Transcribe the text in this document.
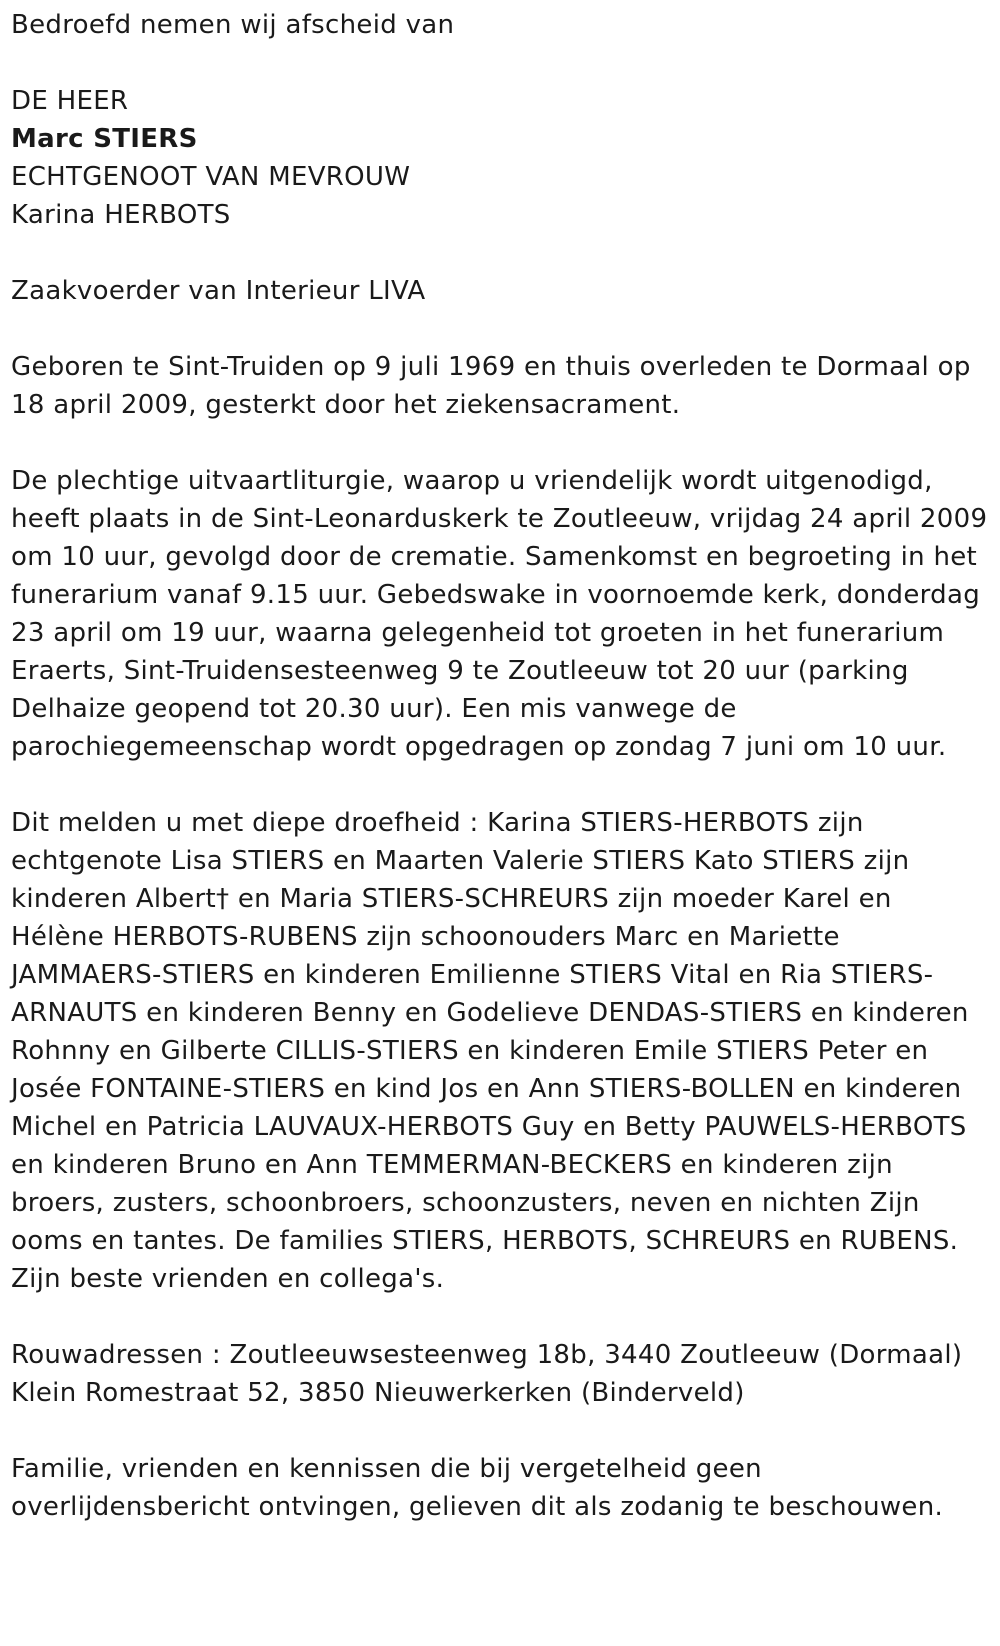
Bedroefd nemen wij afscheid van

DE HEER

Marc STIERS

ECHTGENOOT VAN MEVROUW

Karina HERBOTS

Zaakvoerder van Interieur LIVA

Geboren te Sint-Truiden op 9 juli 1969 en thuis overleden te Dormaal op

18 april 2009, gesterkt door het ziekensacrament.

De plechtige uitvaartliturgie, waarop u vriendelijk wordt uitgenodigd,

heeft plaats in de Sint-Leonarduskerk te Zoutleeuw, vrijdag 24 april 2009

om 10 uur, gevolgd door de crematie. Samenkomst en begroeting in het

funerarium vanaf 9.15 uur. Gebedswake in voornoemde kerk, donderdag

23 april om 19 uur, waarna gelegenheid tot groeten in het funerarium

Eraerts, Sint-Truidensesteenweg 9 te Zoutleeuw tot 20 uur (parking

Delhaize geopend tot 20.30 uur). Een mis vanwege de

parochiegemeenschap wordt opgedragen op zondag 7 juni om 10 uur.

Dit melden u met diepe droefheid : Karina STIERS-HERBOTS zijn

echtgenote Lisa STIERS en Maarten Valerie STIERS Kato STIERS zijn

kinderen Albert† en Maria STIERS-SCHREURS zijn moeder Karel en

Hélène HERBOTS-RUBENS zijn schoonouders Marc en Mariette

JAMMAERS-STIERS en kinderen Emilienne STIERS Vital en Ria STIERS-

ARNAUTS en kinderen Benny en Godelieve DENDAS-STIERS en kinderen

Rohnny en Gilberte CILLIS-STIERS en kinderen Emile STIERS Peter en

Josée FONTAINE-STIERS en kind Jos en Ann STIERS-BOLLEN en kinderen

Michel en Patricia LAUVAUX-HERBOTS Guy en Betty PAUWELS-HERBOTS

en kinderen Bruno en Ann TEMMERMAN-BECKERS en kinderen zijn

broers, zusters, schoonbroers, schoonzusters, neven en nichten Zijn

ooms en tantes. De families STIERS, HERBOTS, SCHREURS en RUBENS.

Zijn beste vrienden en collega's.

Rouwadressen : Zoutleeuwsesteenweg 18b, 3440 Zoutleeuw (Dormaal)

Klein Romestraat 52, 3850 Nieuwerkerken (Binderveld)

Familie, vrienden en kennissen die bij vergetelheid geen

overlijdensbericht ontvingen, gelieven dit als zodanig te beschouwen.
